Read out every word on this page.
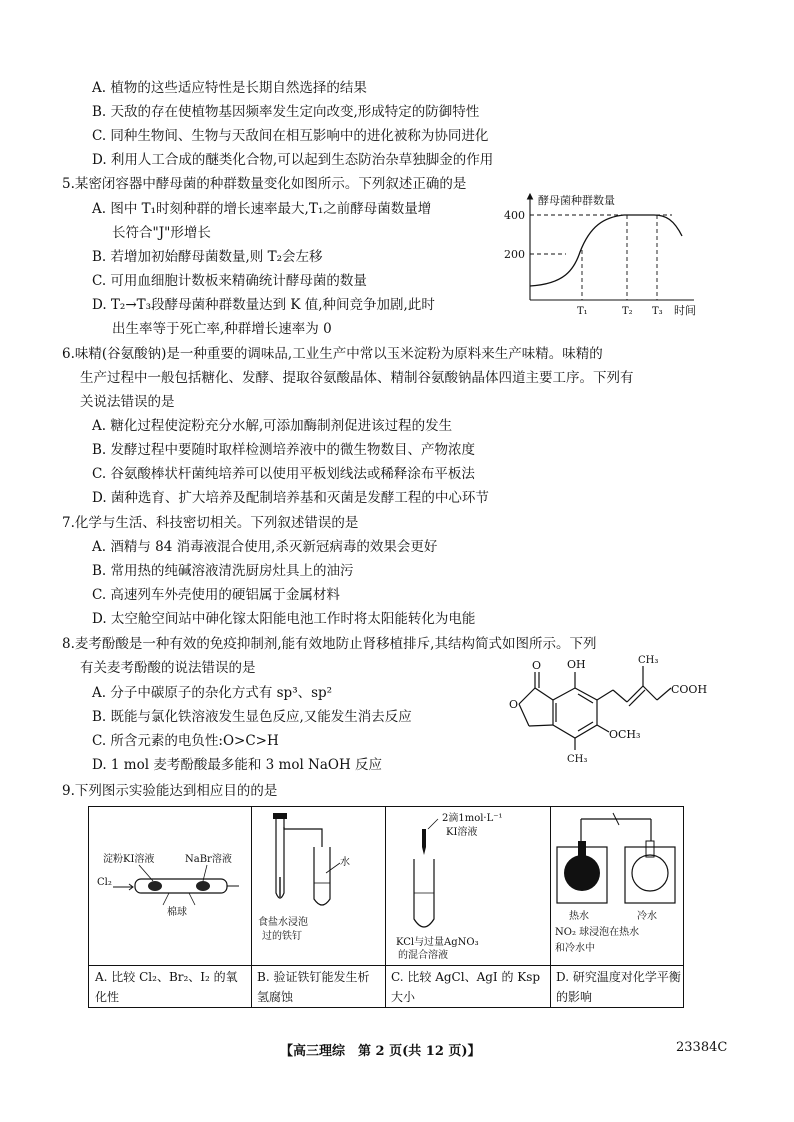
A. 植物的这些适应特性是长期自然选择的结果
B. 天敌的存在使植物基因频率发生定向改变,形成特定的防御特性
C. 同种生物间、生物与天敌间在相互影响中的进化被称为协同进化
D. 利用人工合成的醚类化合物,可以起到生态防治杂草独脚金的作用
5.某密闭容器中酵母菌的种群数量变化如图所示。下列叙述正确的是
A. 图中 T₁时刻种群的增长速率最大,T₁之前酵母菌数量增
长符合"J"形增长
B. 若增加初始酵母菌数量,则 T₂会左移
C. 可用血细胞计数板来精确统计酵母菌的数量
D. T₂→T₃段酵母菌种群数量达到 K 值,种间竞争加剧,此时
出生率等于死亡率,种群增长速率为 0
酵母菌种群数量
400
200
T₁	T₂ T₃ 时间
6.味精(谷氨酸钠)是一种重要的调味品,工业生产中常以玉米淀粉为原料来生产味精。味精的
生产过程中一般包括糖化、发酵、提取谷氨酸晶体、精制谷氨酸钠晶体四道主要工序。下列有
关说法错误的是
A. 糖化过程使淀粉充分水解,可添加酶制剂促进该过程的发生
B. 发酵过程中要随时取样检测培养液中的微生物数目、产物浓度
C. 谷氨酸棒状杆菌纯培养可以使用平板划线法或稀释涂布平板法
D. 菌种选育、扩大培养及配制培养基和灭菌是发酵工程的中心环节
7.化学与生活、科技密切相关。下列叙述错误的是
A. 酒精与 84 消毒液混合使用,杀灭新冠病毒的效果会更好
B. 常用热的纯碱溶液清洗厨房灶具上的油污
C. 高速列车外壳使用的硬铝属于金属材料
D. 太空舱空间站中砷化镓太阳能电池工作时将太阳能转化为电能
8.麦考酚酸是一种有效的免疫抑制剂,能有效地防止肾移植排斥,其结构简式如图所示。下列
有关麦考酚酸的说法错误的是
A. 分子中碳原子的杂化方式有 sp³、sp²
B. 既能与氯化铁溶液发生显色反应,又能发生消去反应
C. 所含元素的电负性:O>C>H
D. 1 mol 麦考酚酸最多能和 3 mol NaOH 反应
OH	CH₃
COOH
O
O
OCH₃
CH₃
9.下列图示实验能达到相应目的的是
淀粉KI溶液	NaBr溶液
Cl₂
棉球
A. 比较 Cl₂、Br₂、I₂ 的氧化性
水
食盐水浸泡
过的铁钉
B. 验证铁钉能发生析氢腐蚀
2滴1mol·L⁻¹
KI溶液
KCl与过量AgNO₃
的混合溶液
C. 比较 AgCl、AgI 的 Ksp 大小
热水	冷水
NO₂ 球浸泡在热水
和冷水中
D. 研究温度对化学平衡的影响
【高三理综　第 2 页(共 12 页)】	23384C
